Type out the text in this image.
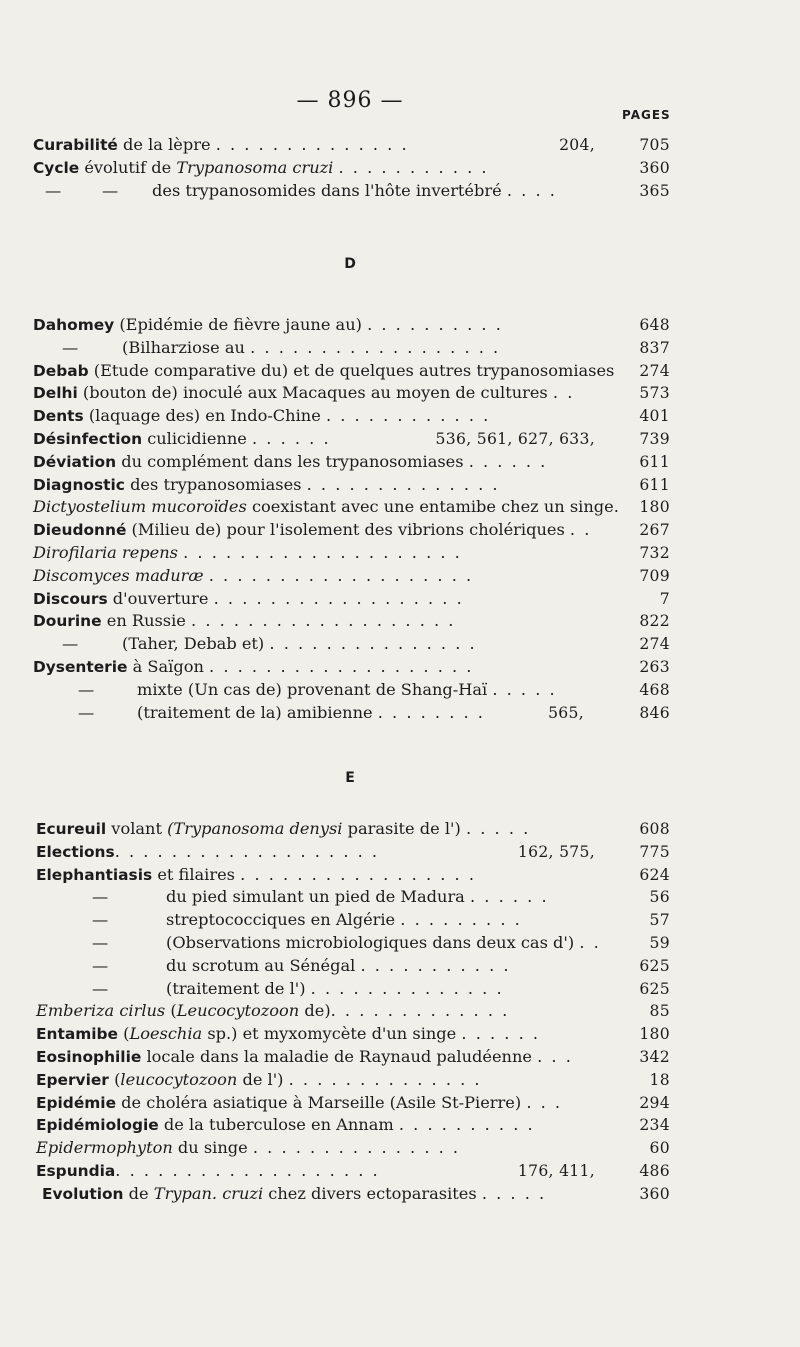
— 896 —
PAGES
Curabilité de la lèpre . . . . . . . . . . . . . .	204,	705
Cycle évolutif de Trypanosoma cruzi . . . . . . . . . . .	360
—	— des trypanosomides dans l'hôte invertébré . . . .	365
D
Dahomey (Epidémie de fièvre jaune au) . . . . . . . . . .	648
—	(Bilharziose au . . . . . . . . . . . . . . . . . .	837
Debab (Etude comparative du) et de quelques autres trypanosomiases 274
Delhi (bouton de) inoculé aux Macaques au moyen de cultures . .	573
Dents (laquage des) en Indo-Chine . . . . . . . . . . . .	401
Désinfection culicidienne . . . . . .	536, 561, 627, 633,	739
Déviation du complément dans les trypanosomiases . . . . . .	611
Diagnostic des trypanosomiases . . . . . . . . . . . . . .	611
Dictyostelium mucoroïdes coexistant avec une entamibe chez un singe. 180
Dieudonné (Milieu de) pour l'isolement des vibrions cholériques . .	267
Dirofilaria repens . . . . . . . . . . . . . . . . . . . .	732
Discomyces maduræ . . . . . . . . . . . . . . . . . . .	709
Discours d'ouverture . . . . . . . . . . . . . . . . . .	7
Dourine en Russie . . . . . . . . . . . . . . . . . . .	822
—	(Taher, Debab et) . . . . . . . . . . . . . . .	274
Dysenterie à Saïgon . . . . . . . . . . . . . . . . . . .	263
—	mixte (Un cas de) provenant de Shang-Haï . . . . .	468
—	(traitement de la) amibienne . . . . . . . .	565,	846
E
Ecureuil volant (Trypanosoma denysi parasite de l') . . . . .	608
Elections. . . . . . . . . . . . . . . . . . .	162, 575,	775
Elephantiasis et filaires . . . . . . . . . . . . . . . . .	624
—	du pied simulant un pied de Madura . . . . . .	56
—	streptococciques en Algérie . . . . . . . . .	57
—	(Observations microbiologiques dans deux cas d') . .	59
—	du scrotum au Sénégal . . . . . . . . . . .	625
—	(traitement de l') . . . . . . . . . . . . . .	625
Emberiza cirlus (Leucocytozoon de). . . . . . . . . . . . .	85
Entamibe (Loeschia sp.) et myxomycète d'un singe . . . . . .	180
Eosinophilie locale dans la maladie de Raynaud paludéenne . . .	342
Epervier (leucocytozoon de l') . . . . . . . . . . . . . .	18
Epidémie de choléra asiatique à Marseille (Asile St-Pierre) . . .	294
Epidémiologie de la tuberculose en Annam . . . . . . . . . .	234
Epidermophyton du singe . . . . . . . . . . . . . . .	60
Espundia. . . . . . . . . . . . . . . . . . .	176, 411,	486
Evolution de Trypan. cruzi chez divers ectoparasites . . . . .	360
